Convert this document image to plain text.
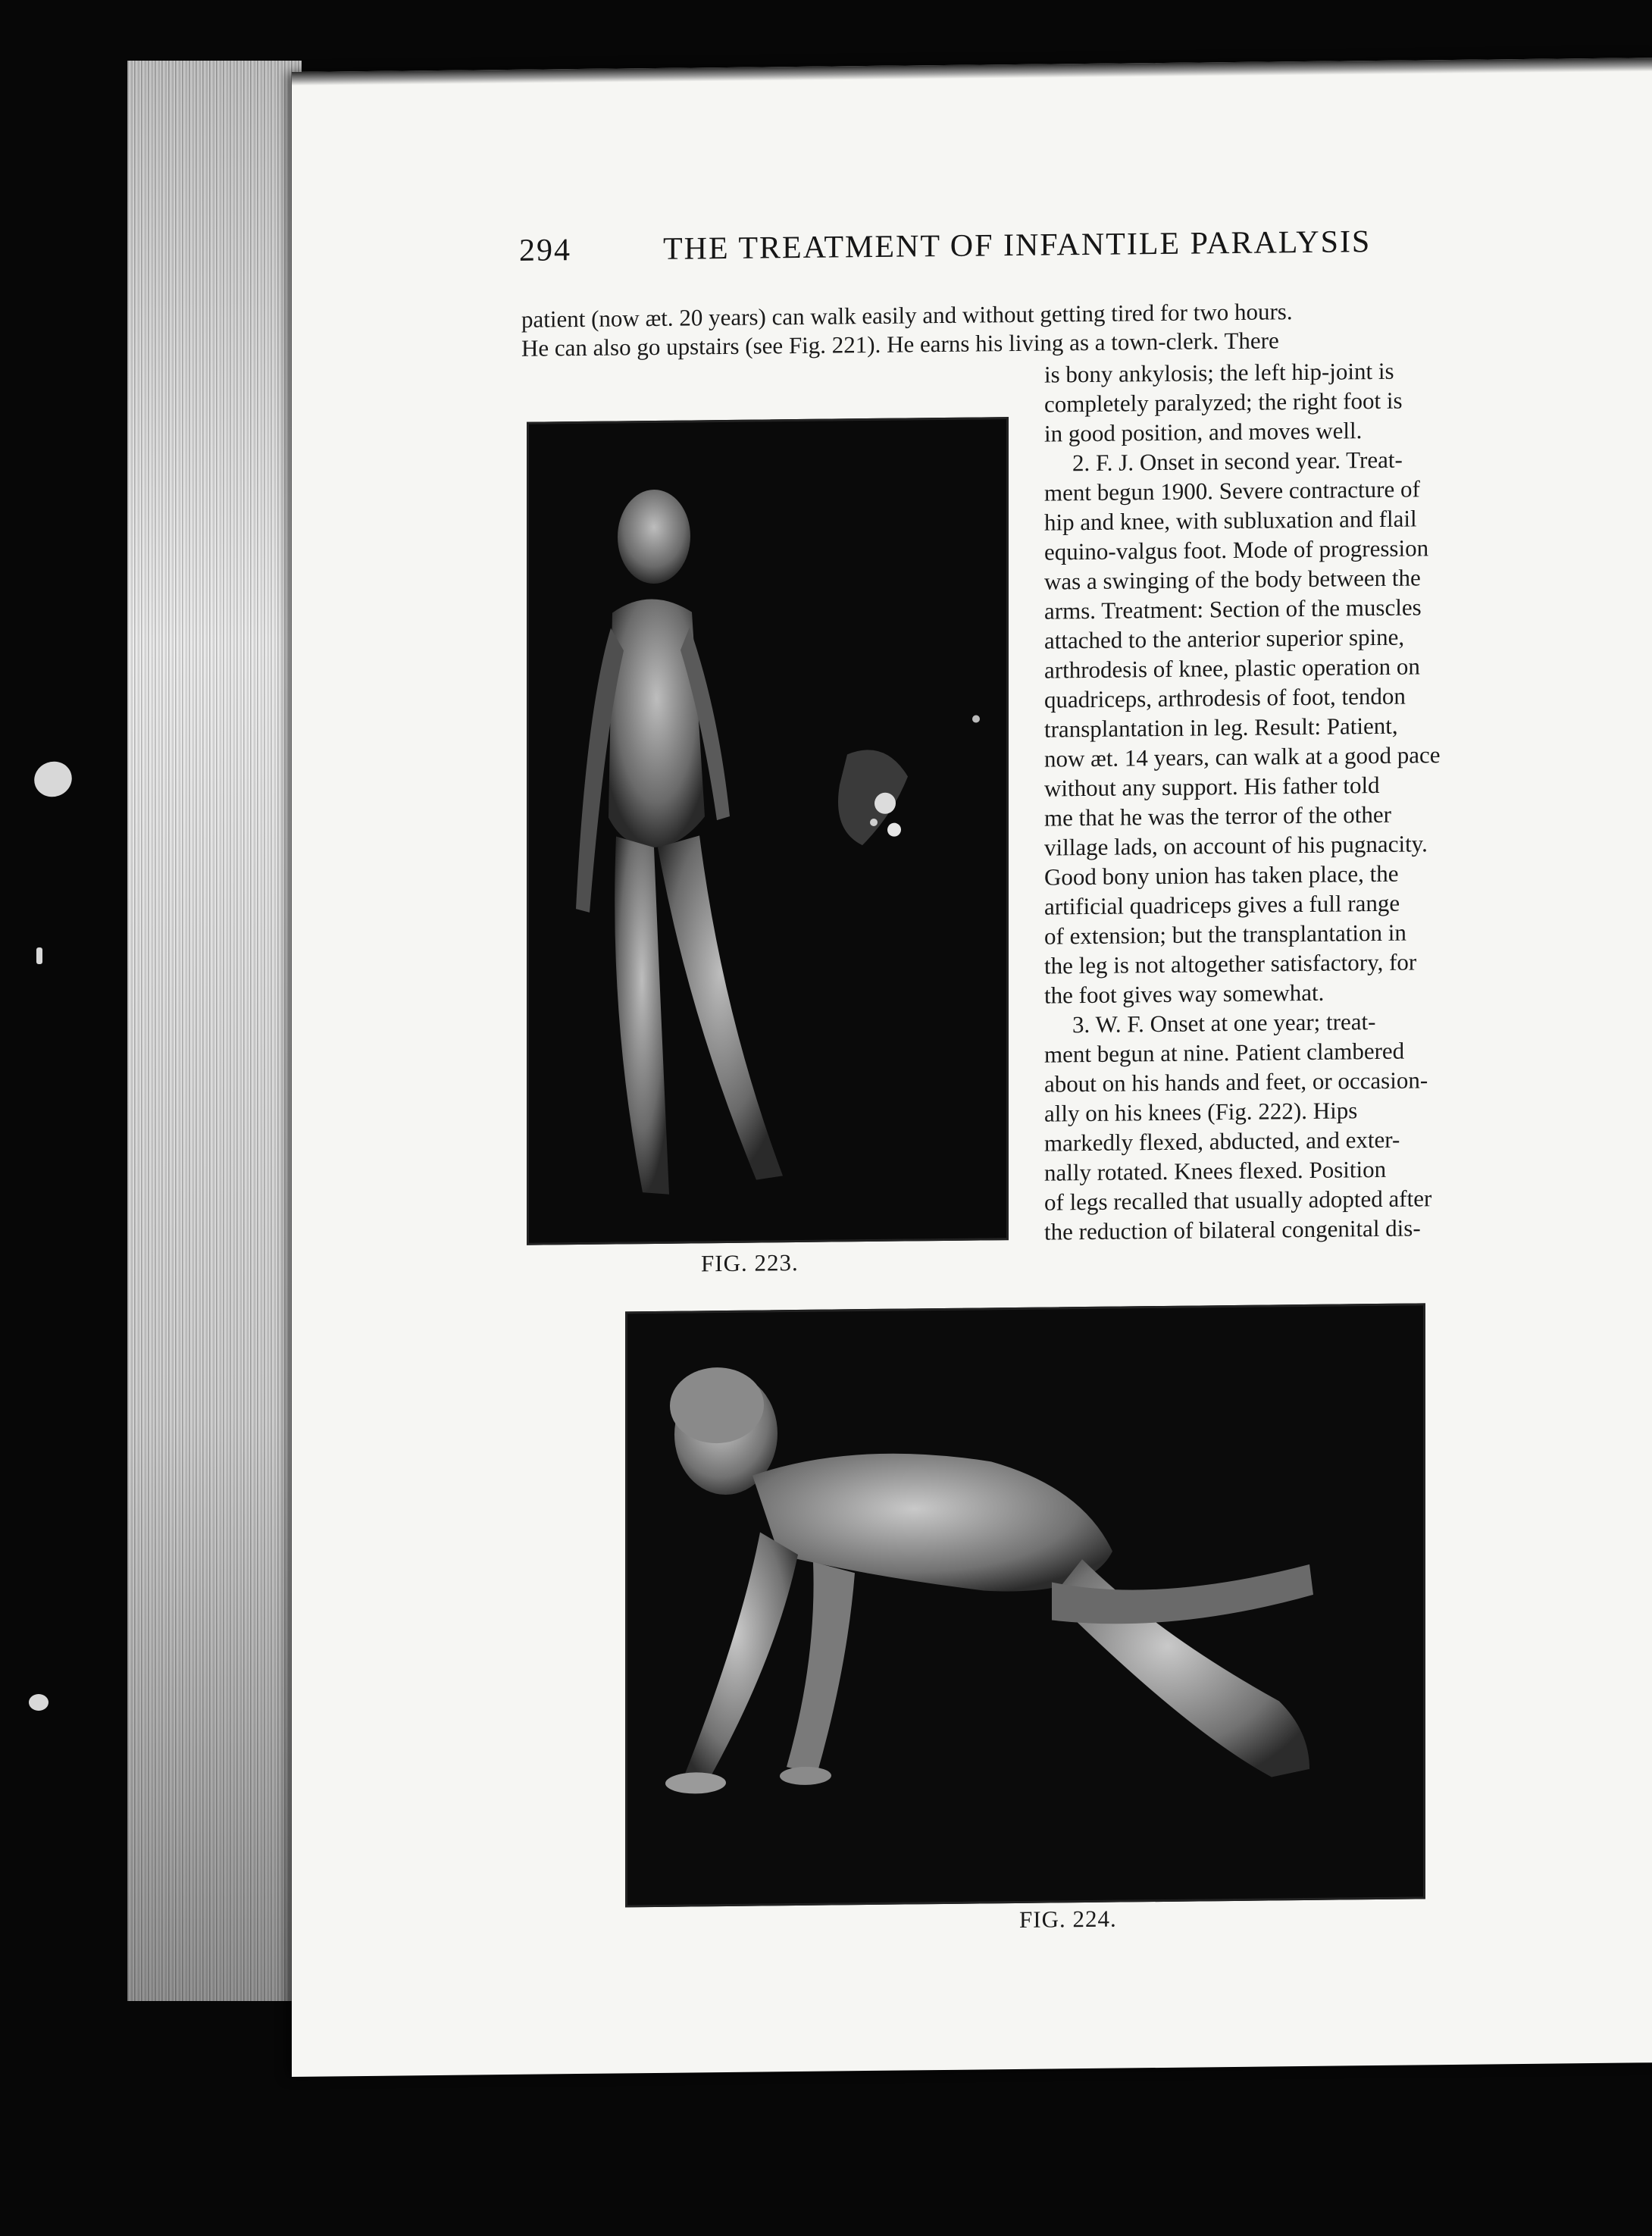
294	THE TREATMENT OF INFANTILE PARALYSIS
patient (now æt. 20 years) can walk easily and without getting tired for two hours.
He can also go upstairs (see Fig. 221). He earns his living as a town-clerk. There
is bony ankylosis; the left hip-joint is
completely paralyzed; the right foot is
in good position, and moves well.
2. F. J. Onset in second year. Treat-
ment begun 1900. Severe contracture of
hip and knee, with subluxation and flail
equino-valgus foot. Mode of progression
was a swinging of the body between the
arms. Treatment: Section of the muscles
attached to the anterior superior spine,
arthrodesis of knee, plastic operation on
quadriceps, arthrodesis of foot, tendon
transplantation in leg. Result: Patient,
now æt. 14 years, can walk at a good pace
without any support. His father told
me that he was the terror of the other
village lads, on account of his pugnacity.
Good bony union has taken place, the
artificial quadriceps gives a full range
of extension; but the transplantation in
the leg is not altogether satisfactory, for
the foot gives way somewhat.
3. W. F. Onset at one year; treat-
ment begun at nine. Patient clambered
about on his hands and feet, or occasion-
ally on his knees (Fig. 222). Hips
markedly flexed, abducted, and exter-
nally rotated. Knees flexed. Position
of legs recalled that usually adopted after
the reduction of bilateral congenital dis-
FIG. 223.
FIG. 224.
